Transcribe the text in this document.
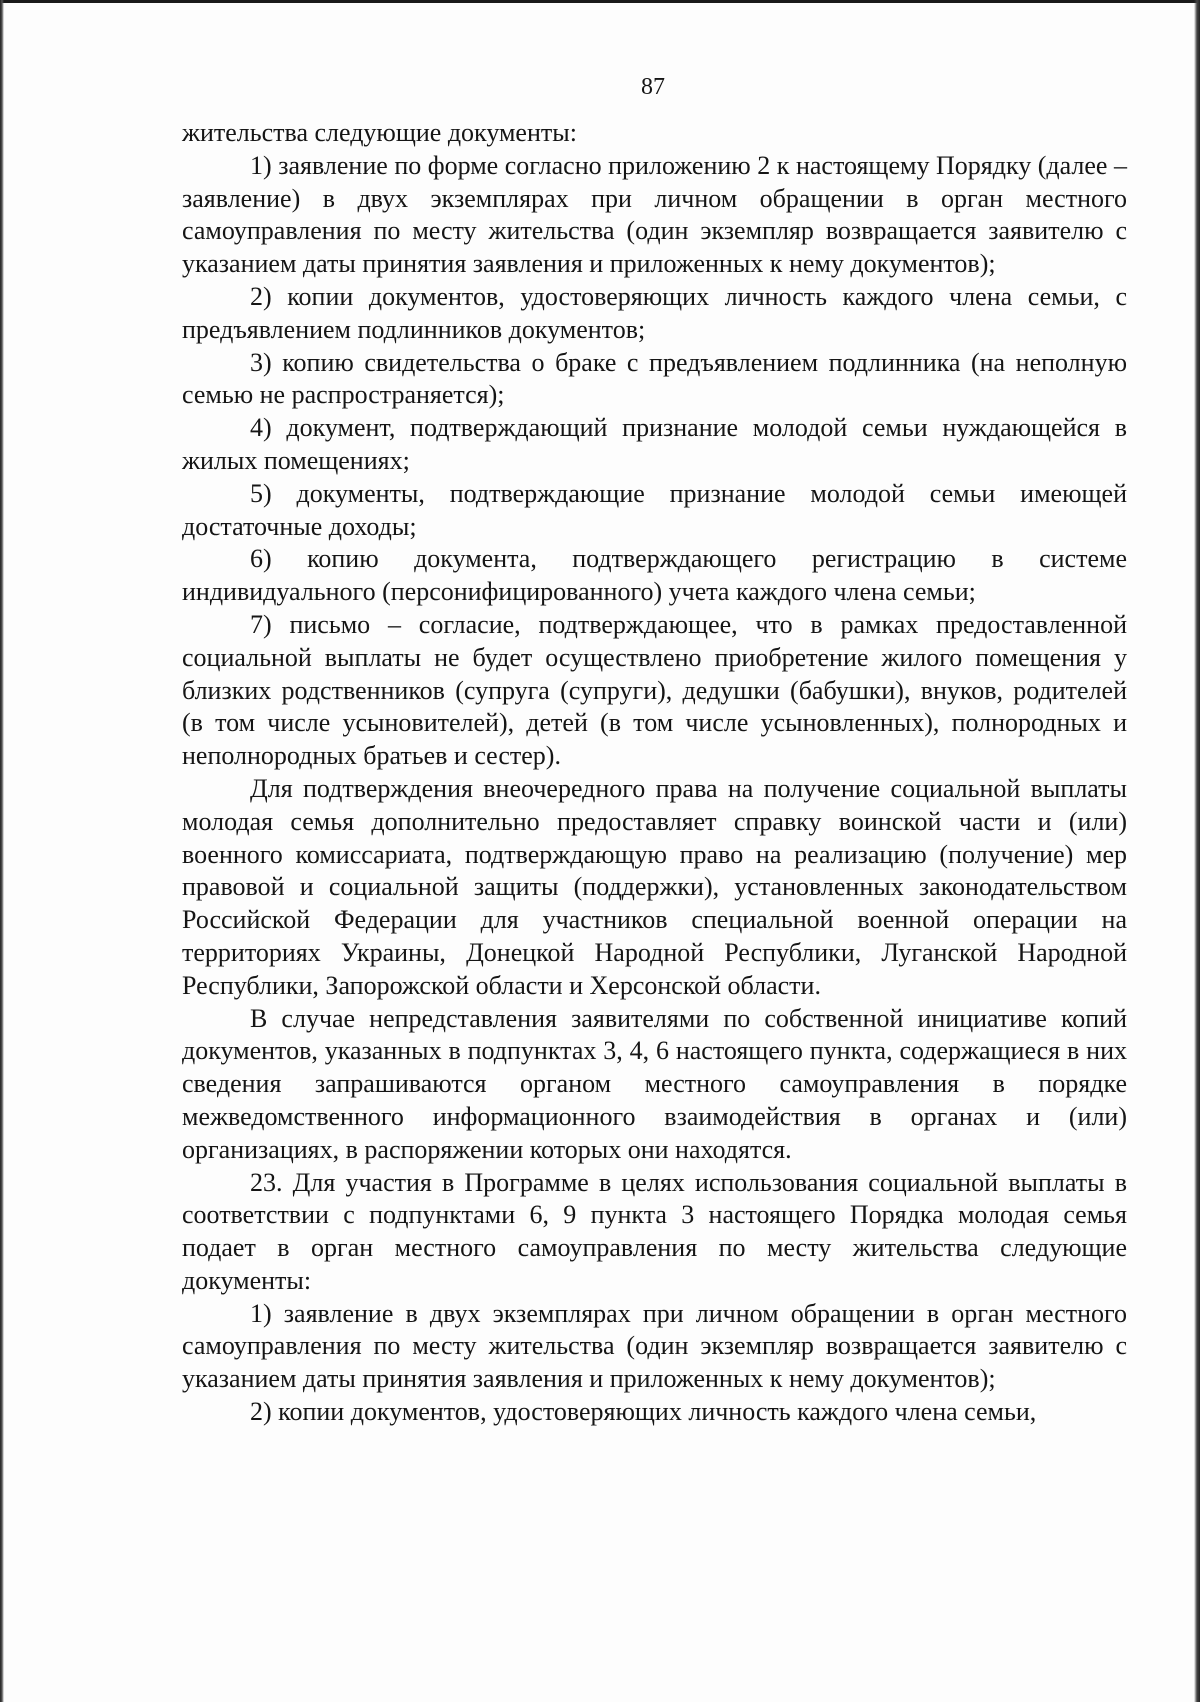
87

жительства следующие документы:

1) заявление по форме согласно приложению 2 к настоящему Порядку (далее – заявление) в двух экземплярах при личном обращении в орган местного самоуправления по месту жительства (один экземпляр возвращается заявителю с указанием даты принятия заявления и приложенных к нему документов);

2) копии документов, удостоверяющих личность каждого члена семьи, с предъявлением подлинников документов;

3) копию свидетельства о браке с предъявлением подлинника (на неполную семью не распространяется);

4) документ, подтверждающий признание молодой семьи нуждающейся в жилых помещениях;

5) документы, подтверждающие признание молодой семьи имеющей достаточные доходы;

6) копию документа, подтверждающего регистрацию в системе индивидуального (персонифицированного) учета каждого члена семьи;

7) письмо – согласие, подтверждающее, что в рамках предоставленной социальной выплаты не будет осуществлено приобретение жилого помещения у близких родственников (супруга (супруги), дедушки (бабушки), внуков, родителей (в том числе усыновителей), детей (в том числе усыновленных), полнородных и неполнородных братьев и сестер).

Для подтверждения внеочередного права на получение социальной выплаты молодая семья дополнительно предоставляет справку воинской части и (или) военного комиссариата, подтверждающую право на реализацию (получение) мер правовой и социальной защиты (поддержки), установленных законодательством Российской Федерации для участников специальной военной операции на территориях Украины, Донецкой Народной Республики, Луганской Народной Республики, Запорожской области и Херсонской области.

В случае непредставления заявителями по собственной инициативе копий документов, указанных в подпунктах 3, 4, 6 настоящего пункта, содержащиеся в них сведения запрашиваются органом местного самоуправления в порядке межведомственного информационного взаимодействия в органах и (или) организациях, в распоряжении которых они находятся.

23. Для участия в Программе в целях использования социальной выплаты в соответствии с подпунктами 6, 9 пункта 3 настоящего Порядка молодая семья подает в орган местного самоуправления по месту жительства следующие документы:

1) заявление в двух экземплярах при личном обращении в орган местного самоуправления по месту жительства (один экземпляр возвращается заявителю с указанием даты принятия заявления и приложенных к нему документов);

2) копии документов, удостоверяющих личность каждого члена семьи,
